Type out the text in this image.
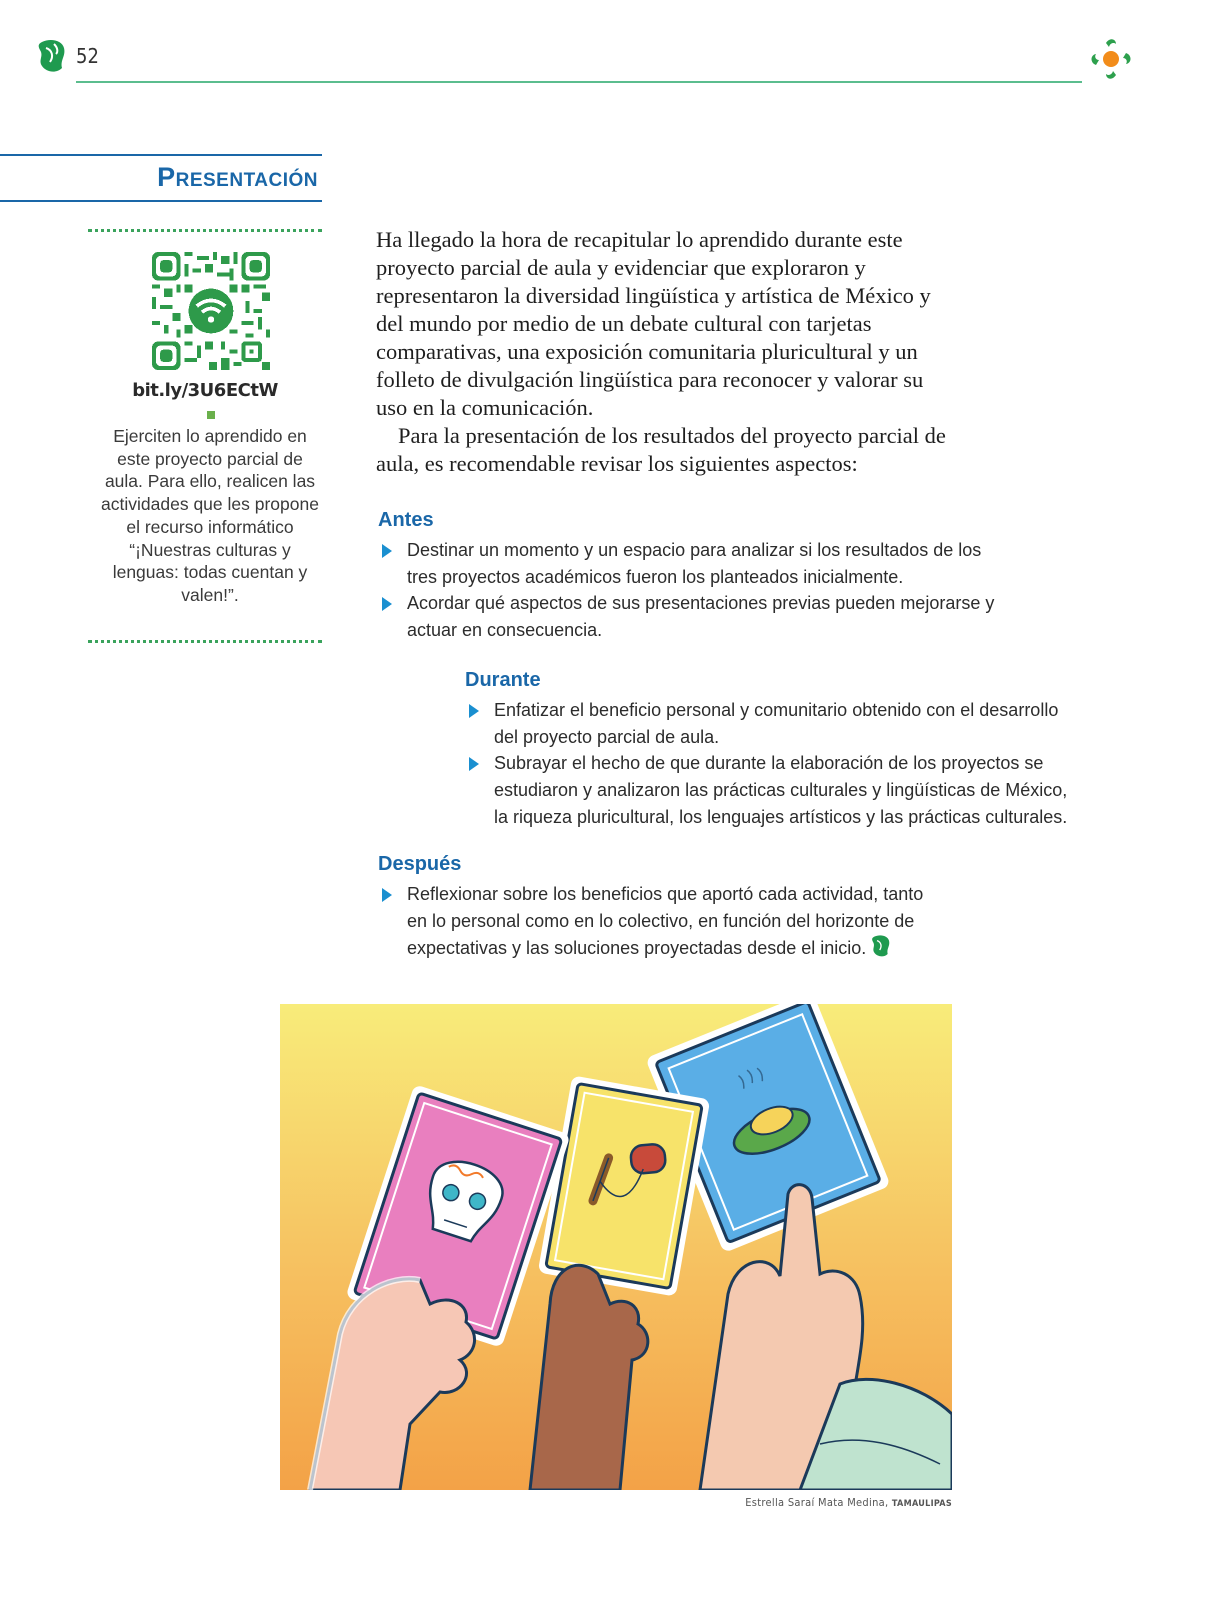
52
Presentación
bit.ly/3U6ECtW
Ejerciten lo aprendido en este proyecto parcial de aula. Para ello, realicen las actividades que les propone el recurso informático “¡Nuestras culturas y lenguas: todas cuentan y valen!”.

Ha llegado la hora de recapitular lo aprendido durante este proyecto parcial de aula y evidenciar que exploraron y representaron la diversidad lingüística y artística de México y del mundo por medio de un debate cultural con tarjetas comparativas, una exposición comunitaria pluricultural y un folleto de divulgación lingüística para reconocer y valorar su uso en la comunicación.

Para la presentación de los resultados del proyecto parcial de aula, es recomendable revisar los siguientes aspectos:

Antes
Destinar un momento y un espacio para analizar si los resultados de los tres proyectos académicos fueron los planteados inicialmente.
Acordar qué aspectos de sus presentaciones previas pueden mejorarse y actuar en consecuencia.
Durante
Enfatizar el beneficio personal y comunitario obtenido con el desarrollo del proyecto parcial de aula.
Subrayar el hecho de que durante la elaboración de los proyectos se estudiaron y analizaron las prácticas culturales y lingüísticas de México, la riqueza pluricultural, los lenguajes artísticos y las prácticas culturales.
Después
Reflexionar sobre los beneficios que aportó cada actividad, tanto en lo personal como en lo colectivo, en función del horizonte de expectativas y las soluciones proyectadas desde el inicio.
Estrella Saraí Mata Medina, TAMAULIPAS
